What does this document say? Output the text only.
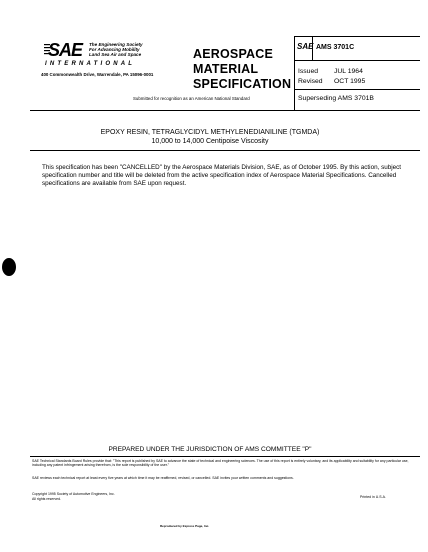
SAE The Engineering Society
For Advancing Mobility
Land Sea Air and Space
INTERNATIONAL
400 Commonwealth Drive, Warrendale, PA 15096-0001
AEROSPACE
MATERIAL
SPECIFICATION
Submitted for recognition as an American National Standard
SAE AMS 3701C
Issued JUL 1964
Revised OCT 1995
Superseding AMS 3701B
EPOXY RESIN, TETRAGLYCIDYL METHYLENEDIANILINE (TGMDA)
10,000 to 14,000 Centipoise Viscosity
This specification has been "CANCELLED" by the Aerospace Materials Division, SAE, as of October 1995. By this action, subject specification number and title will be deleted from the active specification index of Aerospace Material Specifications. Cancelled specifications are available from SAE upon request.
PREPARED UNDER THE JURISDICTION OF AMS COMMITTEE "P"
SAE Technical Standards Board Rules provide that: "This report is published by SAE to advance the state of technical and engineering sciences. The use of this report is entirely voluntary, and its applicability and suitability for any particular use, including any patent infringement arising therefrom, is the sole responsibility of the user."
SAE reviews each technical report at least every five years at which time it may be reaffirmed, revised, or cancelled. SAE invites your written comments and suggestions.
Copyright 1995 Society of Automotive Engineers, Inc.
All rights reserved.	Printed in U.S.A.
Reproduced by Express Page, Inc.
